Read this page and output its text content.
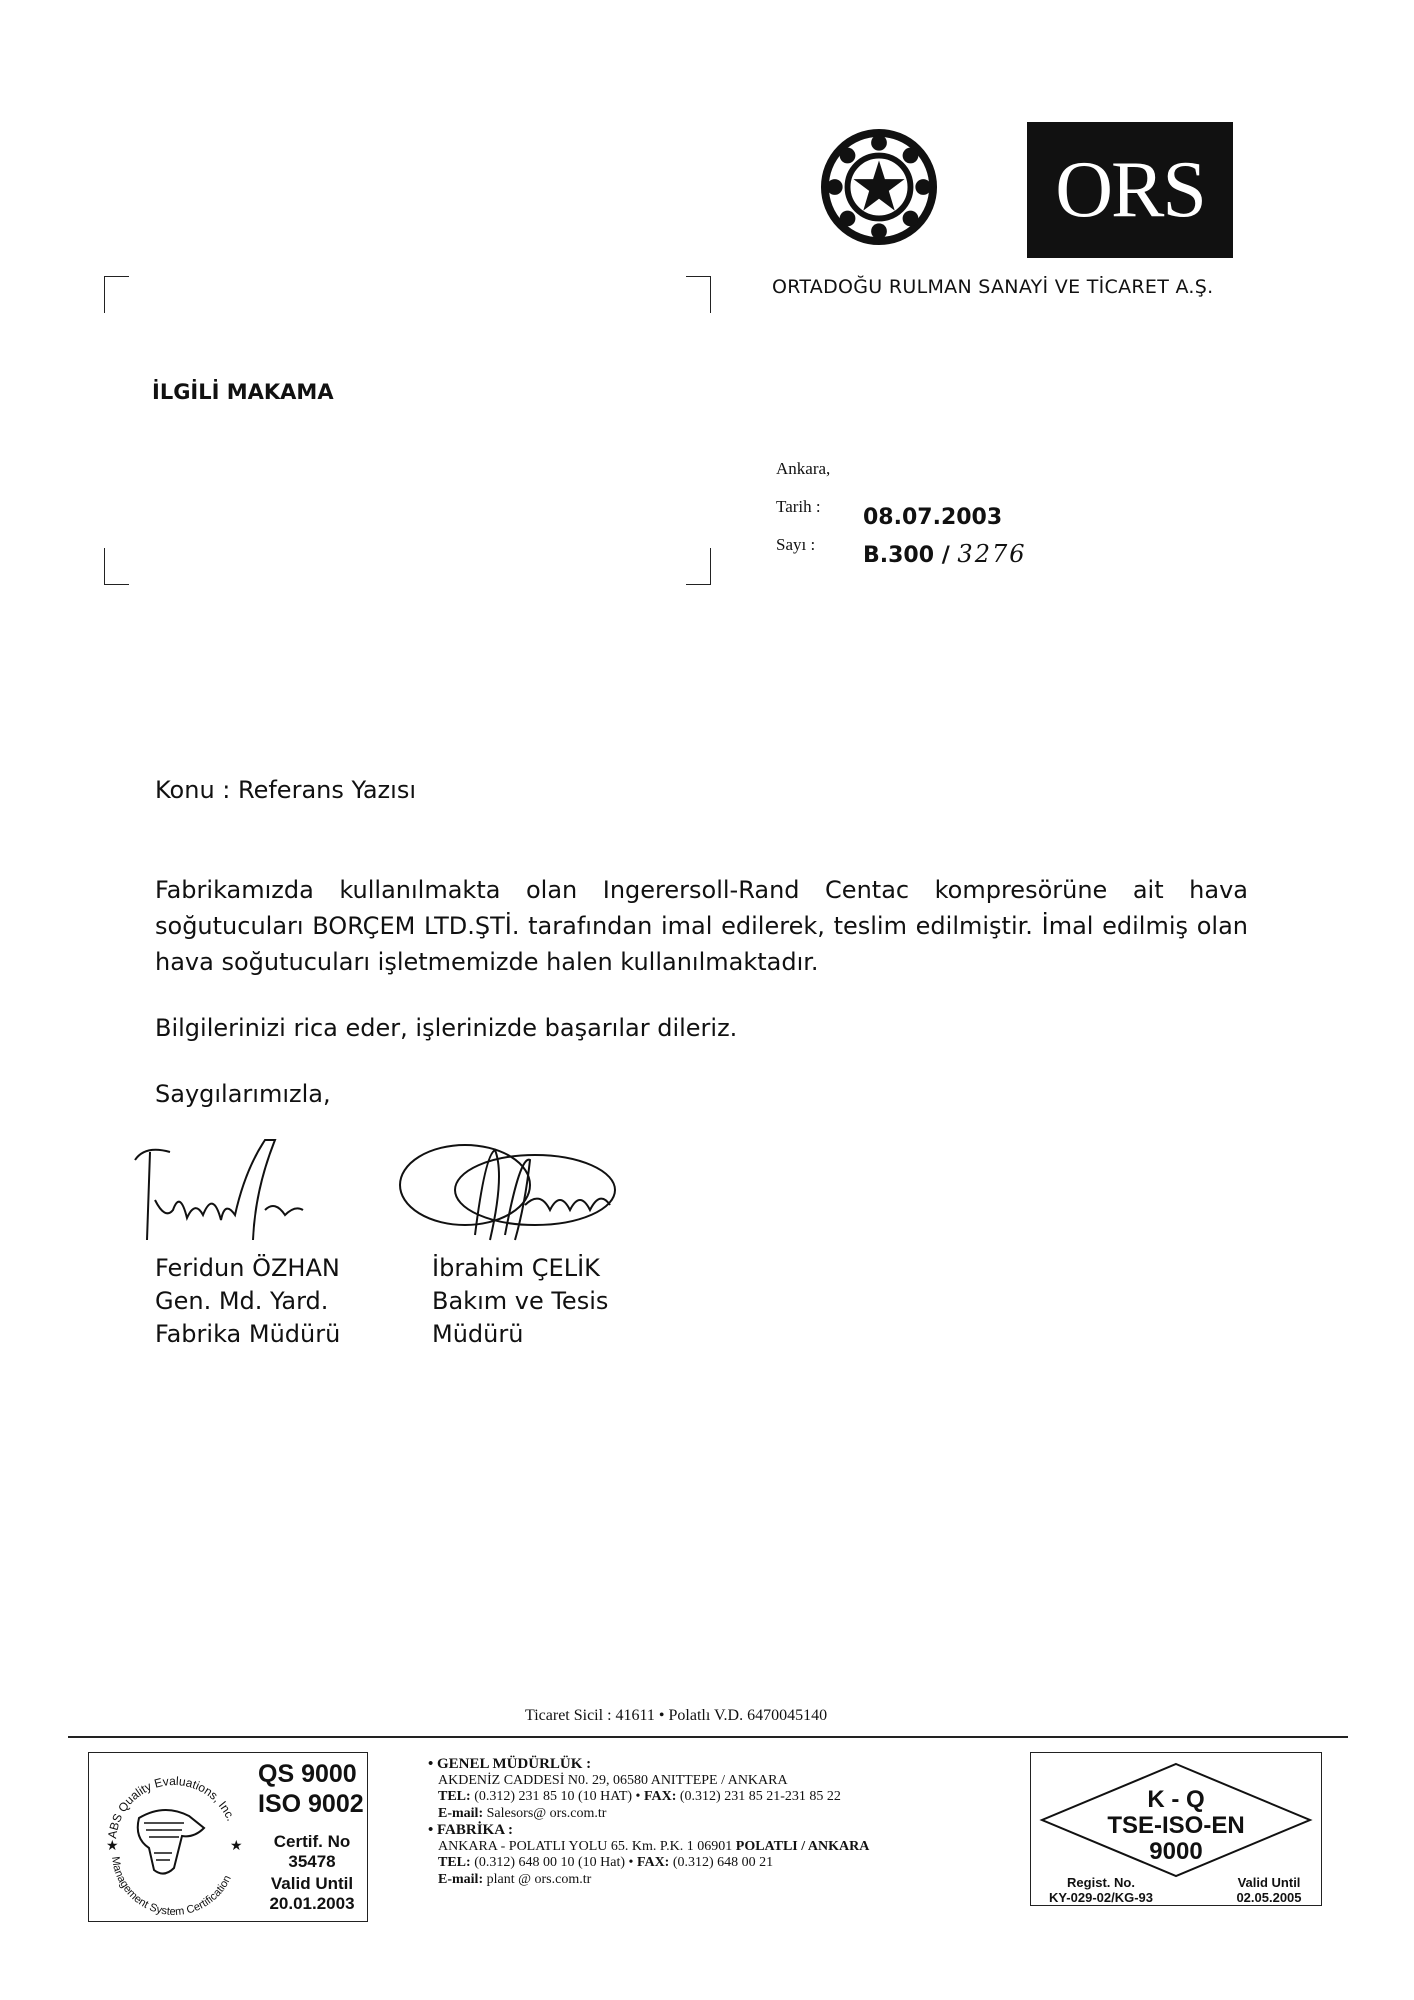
ORS
ORTADOĞU RULMAN SANAYİ VE TİCARET A.Ş.
İLGİLİ MAKAMA
Ankara,
Tarih : 08.07.2003
Sayı : B.300 / 3276
Konu : Referans Yazısı
Fabrikamızda kullanılmakta olan Ingerersoll-Rand Centac kompresörüne ait hava soğutucuları BORÇEM LTD.ŞTİ. tarafından imal edilerek, teslim edilmiştir. İmal edilmiş olan hava soğutucuları işletmemizde halen kullanılmaktadır.
Bilgilerinizi rica eder, işlerinizde başarılar dileriz.
Saygılarımızla,
Feridun ÖZHAN
Gen. Md. Yard.
Fabrika Müdürü
İbrahim ÇELİK
Bakım ve Tesis
Müdürü
Ticaret Sicil : 41611 • Polatlı V.D. 6470045140
ABS Quality Evaluations, Inc.
Management System Certification
★	★
QS 9000
ISO 9002
Certif. No
35478
Valid Until
20.01.2003
• GENEL MÜDÜRLÜK :
AKDENİZ CADDESİ N0. 29, 06580 ANITTEPE / ANKARA
TEL: (0.312) 231 85 10 (10 HAT) • FAX: (0.312) 231 85 21-231 85 22
E-mail: Salesors@ ors.com.tr
• FABRİKA :
ANKARA - POLATLI YOLU 65. Km. P.K. 1 06901 POLATLI / ANKARA
TEL: (0.312) 648 00 10 (10 Hat) • FAX: (0.312) 648 00 21
E-mail: plant @ ors.com.tr
K - Q
TSE-ISO-EN
9000
Regist. No.
KY-029-02/KG-93
Valid Until
02.05.2005
